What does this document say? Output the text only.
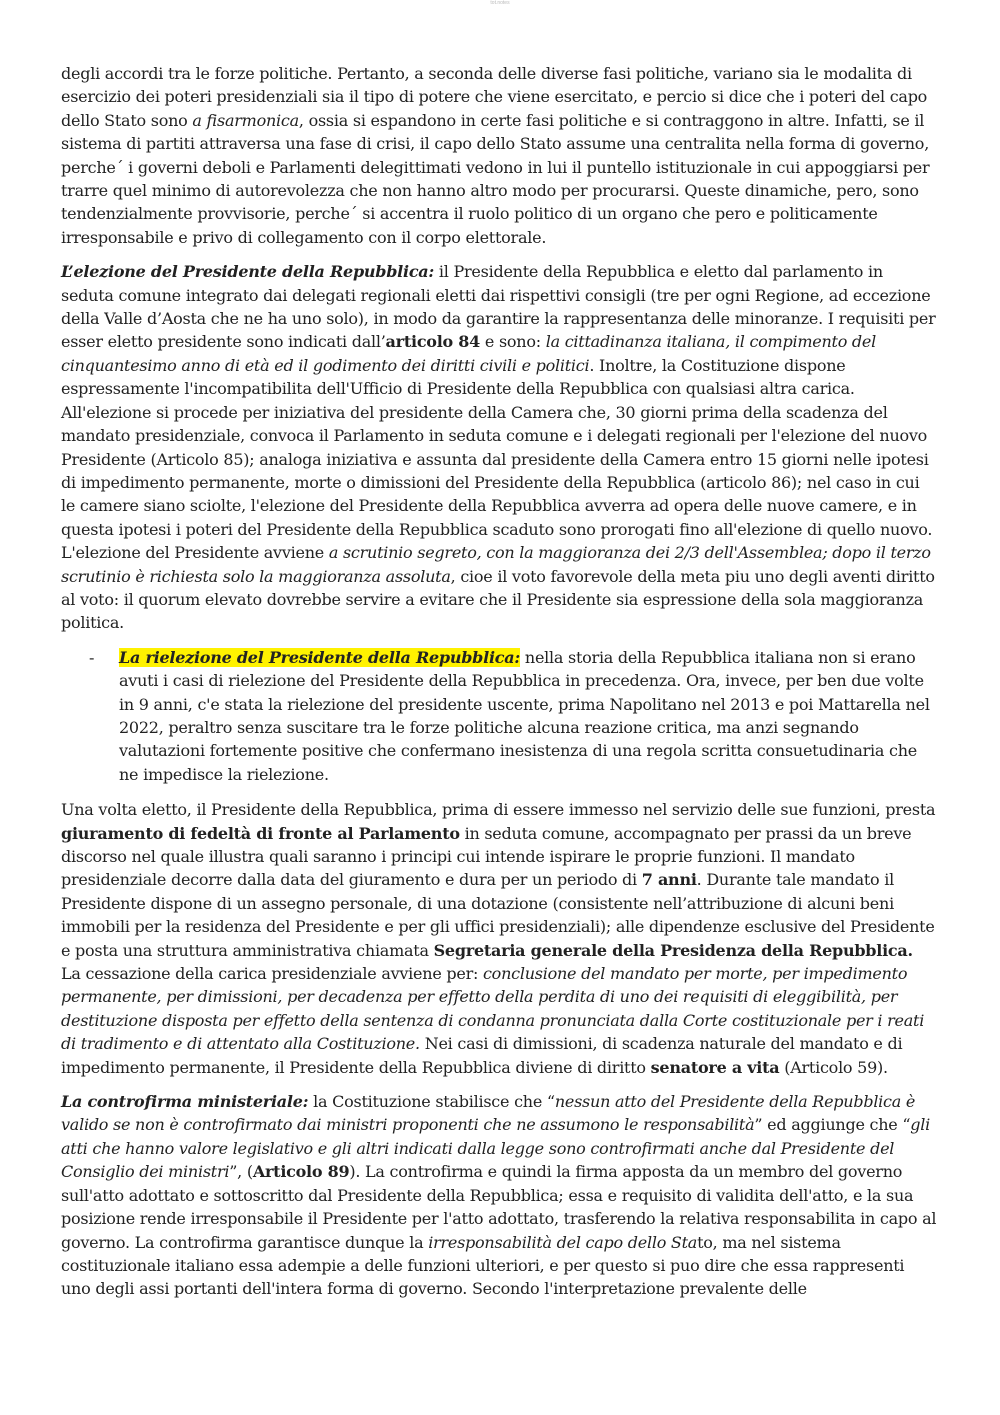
tot.notes

degli accordi tra le forze politiche. Pertanto, a seconda delle diverse fasi politiche, variano sia le modalita di esercizio dei poteri presidenziali sia il tipo di potere che viene esercitato, e percio si dice che i poteri del capo dello Stato sono a fisarmonica, ossia si espandono in certe fasi politiche e si contraggono in altre. Infatti, se il sistema di partiti attraversa una fase di crisi, il capo dello Stato assume una centralita nella forma di governo, perche´ i governi deboli e Parlamenti delegittimati vedono in lui il puntello istituzionale in cui appoggiarsi per trarre quel minimo di autorevolezza che non hanno altro modo per procurarsi. Queste dinamiche, pero, sono tendenzialmente provvisorie, perche´ si accentra il ruolo politico di un organo che pero e politicamente irresponsabile e privo di collegamento con il corpo elettorale.

L’elezione del Presidente della Repubblica: il Presidente della Repubblica e eletto dal parlamento in seduta comune integrato dai delegati regionali eletti dai rispettivi consigli (tre per ogni Regione, ad eccezione della Valle d’Aosta che ne ha uno solo), in modo da garantire la rappresentanza delle minoranze. I requisiti per esser eletto presidente sono indicati dall’articolo 84 e sono: la cittadinanza italiana, il compimento del cinquantesimo anno di età ed il godimento dei diritti civili e politici. Inoltre, la Costituzione dispone espressamente l'incompatibilita dell'Ufficio di Presidente della Repubblica con qualsiasi altra carica. All'elezione si procede per iniziativa del presidente della Camera che, 30 giorni prima della scadenza del mandato presidenziale, convoca il Parlamento in seduta comune e i delegati regionali per l'elezione del nuovo Presidente (Articolo 85); analoga iniziativa e assunta dal presidente della Camera entro 15 giorni nelle ipotesi di impedimento permanente, morte o dimissioni del Presidente della Repubblica (articolo 86); nel caso in cui le camere siano sciolte, l'elezione del Presidente della Repubblica avverra ad opera delle nuove camere, e in questa ipotesi i poteri del Presidente della Repubblica scaduto sono prorogati fino all'elezione di quello nuovo. L'elezione del Presidente avviene a scrutinio segreto, con la maggioranza dei 2/3 dell'Assemblea; dopo il terzo scrutinio è richiesta solo la maggioranza assoluta, cioe il voto favorevole della meta piu uno degli aventi diritto al voto: il quorum elevato dovrebbe servire a evitare che il Presidente sia espressione della sola maggioranza politica.

- La rielezione del Presidente della Repubblica: nella storia della Repubblica italiana non si erano avuti i casi di rielezione del Presidente della Repubblica in precedenza. Ora, invece, per ben due volte in 9 anni, c'e stata la rielezione del presidente uscente, prima Napolitano nel 2013 e poi Mattarella nel 2022, peraltro senza suscitare tra le forze politiche alcuna reazione critica, ma anzi segnando valutazioni fortemente positive che confermano inesistenza di una regola scritta consuetudinaria che ne impedisce la rielezione.

Una volta eletto, il Presidente della Repubblica, prima di essere immesso nel servizio delle sue funzioni, presta giuramento di fedeltà di fronte al Parlamento in seduta comune, accompagnato per prassi da un breve discorso nel quale illustra quali saranno i principi cui intende ispirare le proprie funzioni. Il mandato presidenziale decorre dalla data del giuramento e dura per un periodo di 7 anni. Durante tale mandato il Presidente dispone di un assegno personale, di una dotazione (consistente nell’attribuzione di alcuni beni immobili per la residenza del Presidente e per gli uffici presidenziali); alle dipendenze esclusive del Presidente e posta una struttura amministrativa chiamata Segretaria generale della Presidenza della Repubblica. La cessazione della carica presidenziale avviene per: conclusione del mandato per morte, per impedimento permanente, per dimissioni, per decadenza per effetto della perdita di uno dei requisiti di eleggibilità, per destituzione disposta per effetto della sentenza di condanna pronunciata dalla Corte costituzionale per i reati di tradimento e di attentato alla Costituzione. Nei casi di dimissioni, di scadenza naturale del mandato e di impedimento permanente, il Presidente della Repubblica diviene di diritto senatore a vita (Articolo 59).

La controfirma ministeriale: la Costituzione stabilisce che “nessun atto del Presidente della Repubblica è valido se non è controfirmato dai ministri proponenti che ne assumono le responsabilità” ed aggiunge che “gli atti che hanno valore legislativo e gli altri indicati dalla legge sono controfirmati anche dal Presidente del Consiglio dei ministri”, (Articolo 89). La controfirma e quindi la firma apposta da un membro del governo sull'atto adottato e sottoscritto dal Presidente della Repubblica; essa e requisito di validita dell'atto, e la sua posizione rende irresponsabile il Presidente per l'atto adottato, trasferendo la relativa responsabilita in capo al governo. La controfirma garantisce dunque la irresponsabilità del capo dello Stato, ma nel sistema costituzionale italiano essa adempie a delle funzioni ulteriori, e per questo si puo dire che essa rappresenti uno degli assi portanti dell'intera forma di governo. Secondo l'interpretazione prevalente delle
